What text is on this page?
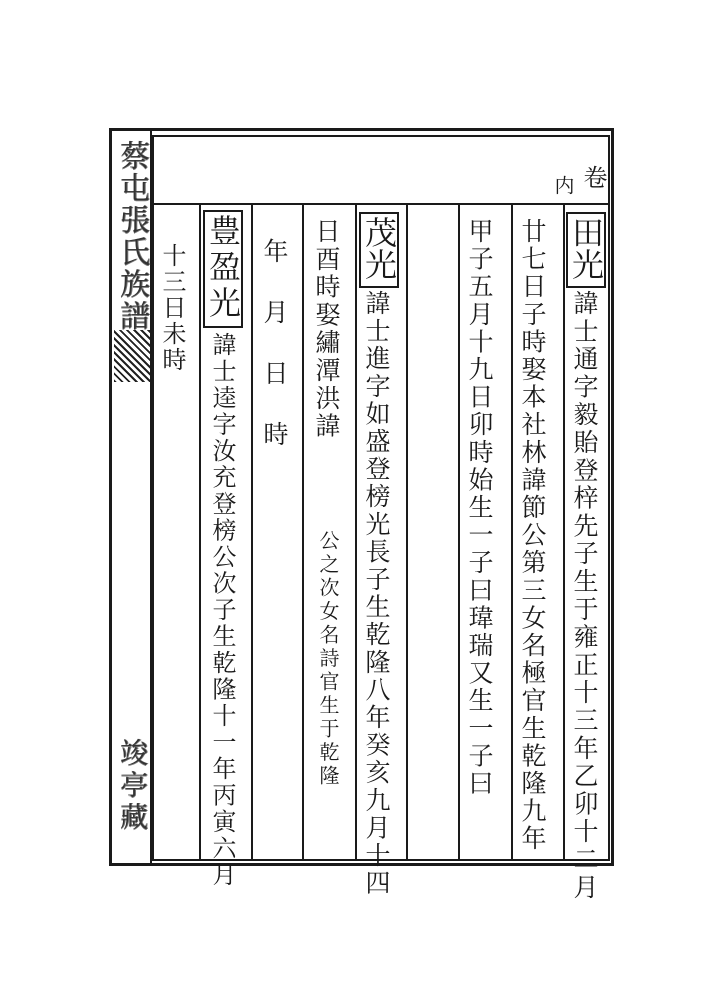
蔡屯張氏族譜
竣亭藏
卷
内
田光
諱士通字毅貽登梓先子生于雍正十三年乙卯十二月
廿七日子時娶本社林諱節公第三女名極官生乾隆九年
甲子五月十九日卯時始生一子曰瑋瑞又生一子曰
茂光
諱士進字如盛登榜光長子生乾隆八年癸亥九月十四
日酉時娶繡潭洪諱
公之次女名詩官生于乾隆
年月日時
豊盈光
諱士逵字汝充登榜公次子生乾隆十一年丙寅六月
十三日未時
